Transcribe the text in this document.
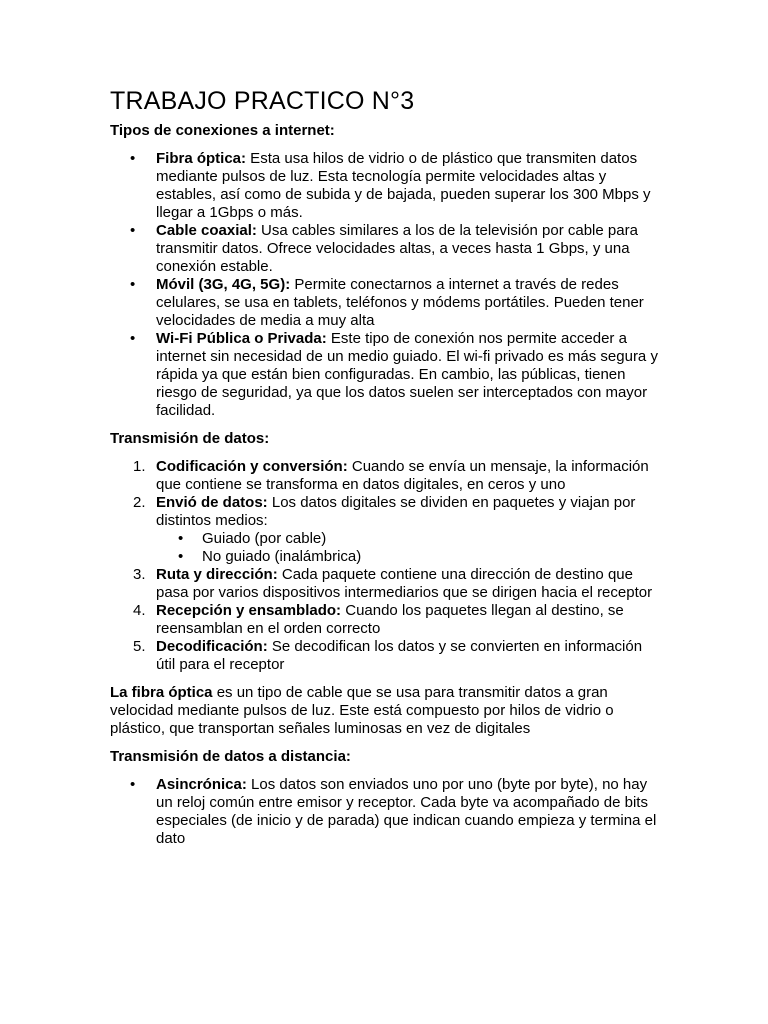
TRABAJO PRACTICO N°3

Tipos de conexiones a internet:

• Fibra óptica: Esta usa hilos de vidrio o de plástico que transmiten datos mediante pulsos de luz. Esta tecnología permite velocidades altas y estables, así como de subida y de bajada, pueden superar los 300 Mbps y llegar a 1Gbps o más.
• Cable coaxial: Usa cables similares a los de la televisión por cable para transmitir datos. Ofrece velocidades altas, a veces hasta 1 Gbps, y una conexión estable.
• Móvil (3G, 4G, 5G): Permite conectarnos a internet a través de redes celulares, se usa en tablets, teléfonos y módems portátiles. Pueden tener velocidades de media a muy alta
• Wi-Fi Pública o Privada: Este tipo de conexión nos permite acceder a internet sin necesidad de un medio guiado. El wi-fi privado es más segura y rápida ya que están bien configuradas. En cambio, las públicas, tienen riesgo de seguridad, ya que los datos suelen ser interceptados con mayor facilidad.

Transmisión de datos:

1. Codificación y conversión: Cuando se envía un mensaje, la información que contiene se transforma en datos digitales, en ceros y uno
2. Envió de datos: Los datos digitales se dividen en paquetes y viajan por distintos medios:
• Guiado (por cable)
• No guiado (inalámbrica)
3. Ruta y dirección: Cada paquete contiene una dirección de destino que pasa por varios dispositivos intermediarios que se dirigen hacia el receptor
4. Recepción y ensamblado: Cuando los paquetes llegan al destino, se reensamblan en el orden correcto
5. Decodificación: Se decodifican los datos y se convierten en información útil para el receptor

La fibra óptica es un tipo de cable que se usa para transmitir datos a gran velocidad mediante pulsos de luz. Este está compuesto por hilos de vidrio o plástico, que transportan señales luminosas en vez de digitales

Transmisión de datos a distancia:

• Asincrónica: Los datos son enviados uno por uno (byte por byte), no hay un reloj común entre emisor y receptor. Cada byte va acompañado de bits especiales (de inicio y de parada) que indican cuando empieza y termina el dato
